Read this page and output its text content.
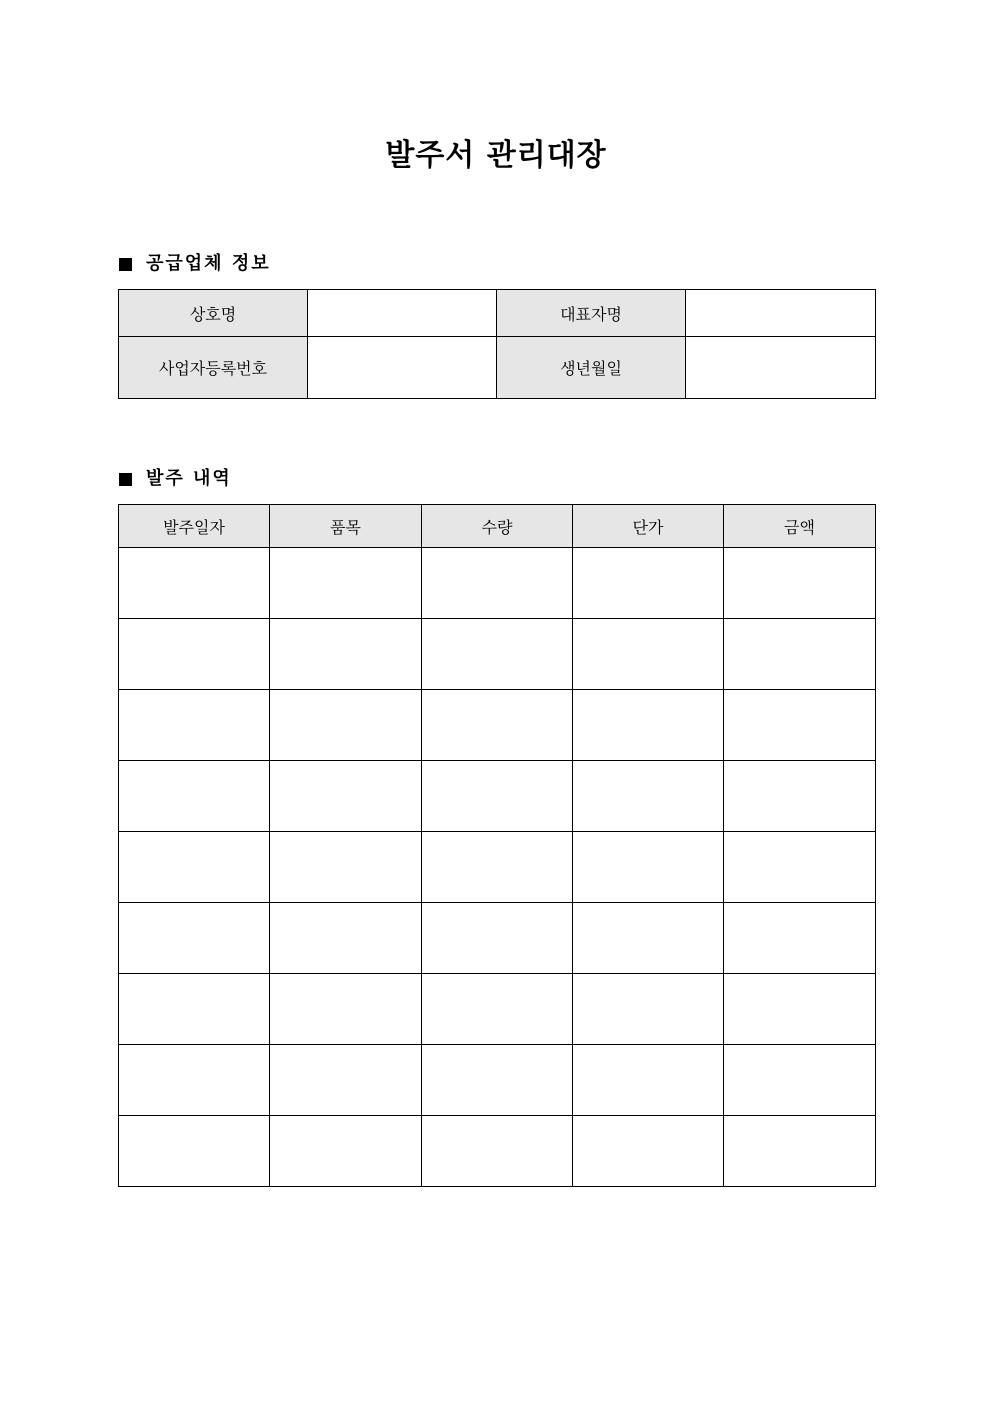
발주서 관리대장
공급업체 정보
상호명		대표자명	
사업자등록번호		생년월일	
발주 내역
발주일자	품목	수량	단가	금액
